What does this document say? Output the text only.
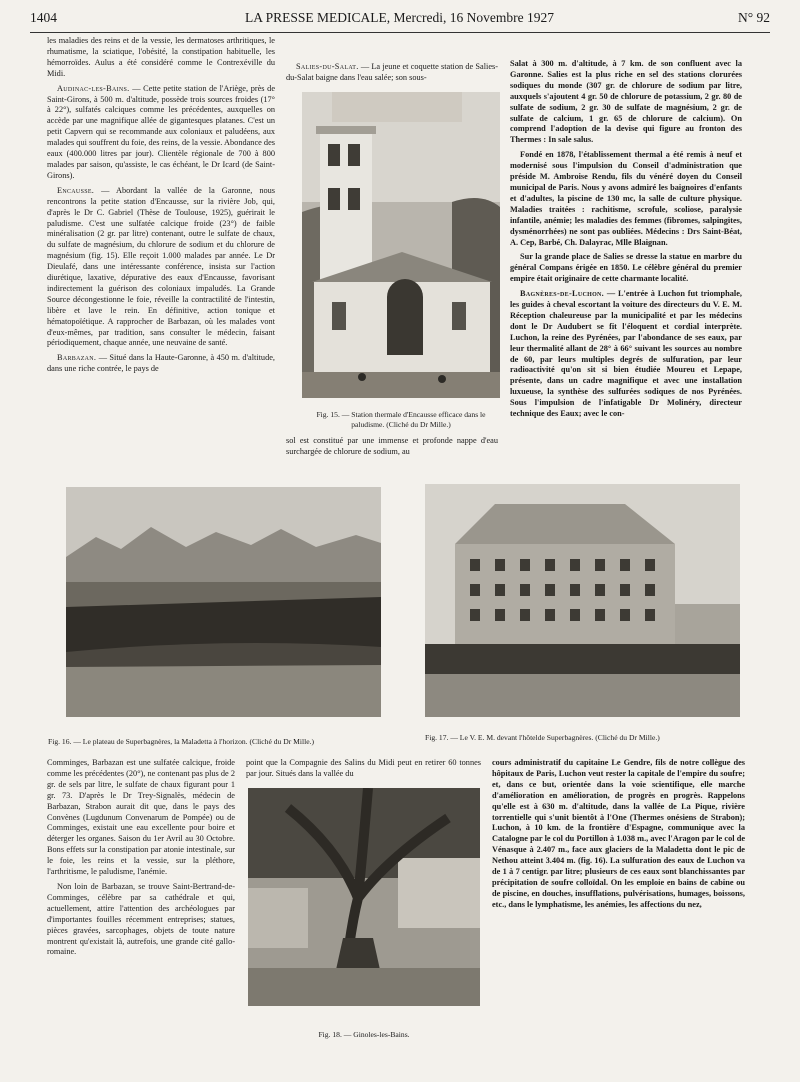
1404	LA PRESSE MEDICALE, Mercredi, 16 Novembre 1927	N° 92

les maladies des reins et de la vessie, les dermatoses arthritiques, le rhumatisme, la sciatique, l'obésité, la constipation habituelle, les hémorroïdes. Aulus a été considéré comme le Contrexéville du Midi.

Audinac-les-Bains. — Cette petite station de l'Ariège, près de Saint-Girons, à 500 m. d'altitude, possède trois sources froides (17° à 22°), sulfatés calciques comme les précédentes, auxquelles on accède par une magnifique allée de gigantesques platanes. C'est un petit Capvern qui se recommande aux coloniaux et paludéens, aux malades qui souffrent du foie, des reins, de la vessie. Abondance des eaux (400.000 litres par jour). Clientèle régionale de 700 à 800 malades par saison, qu'assiste, le cas échéant, le Dr Icard (de Saint-Girons).

Encausse. — Abordant la vallée de la Garonne, nous rencontrons la petite station d'Encausse, sur la rivière Job, qui, d'après le Dr C. Gabriel (Thèse de Toulouse, 1925), guérirait le paludisme. C'est une sulfatée calcique froide (23°) de faible minéralisation (2 gr. par litre) contenant, outre le sulfate de chaux, du sulfate de magnésium, du chlorure de sodium et du chlorure de magnésium (fig. 15). Elle reçoit 1.000 malades par année. Le Dr Dieulafé, dans une intéressante conférence, insista sur l'action diurétique, laxative, dépurative des eaux d'Encausse, favorisant indirectement la guérison des coloniaux impaludés. La Grande Source décongestionne le foie, réveille la contractilité de l'intestin, libère et lave le rein. En définitive, action tonique et hématopoïétique. A rapprocher de Barbazan, où les malades vont d'eux-mêmes, par tradition, sans consulter le médecin, faisant périodiquement, chaque année, une neuvaine de santé.

Barbazan. — Situé dans la Haute-Garonne, à 450 m. d'altitude, dans une riche contrée, le pays de

Salies-du-Salat. — La jeune et coquette station de Salies-du-Salat baigne dans l'eau salée; son sous-

Fig. 15. — Station thermale d'Encausse efficace dans le paludisme. (Cliché du Dr Mille.)

sol est constitué par une immense et profonde nappe d'eau surchargée de chlorure de sodium, au

Salat à 300 m. d'altitude, à 7 km. de son confluent avec la Garonne. Salies est la plus riche en sel des stations clorurées sodiques du monde (307 gr. de chlorure de sodium par litre, auxquels s'ajoutent 4 gr. 50 de chlorure de potassium, 2 gr. 80 de sulfate de sodium, 2 gr. 30 de sulfate de magnésium, 2 gr. de sulfate de calcium, 1 gr. 65 de chlorure de calcium). On comprend l'adoption de la devise qui figure au fronton des Thermes : In sale salus.

Fondé en 1878, l'établissement thermal a été remis à neuf et modernisé sous l'impulsion du Conseil d'administration que préside M. Ambroise Rendu, fils du vénéré doyen du Conseil municipal de Paris. Nous y avons admiré les baignoires d'enfants et d'adultes, la piscine de 130 mc, la salle de culture physique. Maladies traitées : rachitisme, scrofule, scoliose, paralysie infantile, anémie; les maladies des femmes (fibromes, salpingites, dysménorrhées) ne sont pas oubliées. Médecins : Drs Saint-Béat, A. Cep, Barbé, Ch. Dalayrac, Mlle Blaignan.

Sur la grande place de Salies se dresse la statue en marbre du général Compans érigée en 1850. Le célèbre général du premier empire était originaire de cette charmante localité.

Bagnères-de-Luchon. — L'entrée à Luchon fut triomphale, les guides à cheval escortant la voiture des directeurs du V. E. M. Réception chaleureuse par la municipalité et par les médecins dont le Dr Audubert se fit l'éloquent et cordial interprète. Luchon, la reine des Pyrénées, par l'abondance de ses eaux, par leur thermalité allant de 28° à 66° suivant les sources au nombre de 60, par leurs multiples degrés de sulfuration, par leur radioactivité qu'on sit si bien étudiée Moureu et Lepape, présente, dans un cadre magnifique et avec une installation luxueuse, la synthèse des sulfurées sodiques de nos Pyrénées. Sous l'impulsion de l'infatigable Dr Molinéry, directeur technique des Eaux; avec le con-

Fig. 16. — Le plateau de Superbagnères, la Maladetta à l'horizon. (Cliché du Dr Mille.)	Fig. 17. — Le V. E. M. devant l'hôtelde Superbagnères. (Cliché du Dr Mille.)

Comminges, Barbazan est une sulfatée calcique, froide comme les précédentes (20°), ne contenant pas plus de 2 gr. de sels par litre, le sulfate de chaux figurant pour 1 gr. 73. D'après le Dr Trey-Signalès, médecin de Barbazan, Strabon aurait dit que, dans le pays des Convènes (Lugdunum Convenarum de Pompée) ou de Comminges, existait une eau excellente pour boire et déterger les organes. Saison du 1er Avril au 30 Octobre. Bons effets sur la constipation par atonie intestinale, sur le foie, les reins et la vessie, sur la pléthore, l'arthritisme, le paludisme, l'anémie.

Non loin de Barbazan, se trouve Saint-Bertrand-de-Comminges, célèbre par sa cathédrale et qui, actuellement, attire l'attention des archéologues par d'importantes fouilles récemment entreprises; statues, pièces gravées, sarcophages, objets de toute nature montrent qu'existait là, autrefois, une grande cité gallo-romaine.

point que la Compagnie des Salins du Midi peut en retirer 60 tonnes par jour. Situés dans la vallée du

Fig. 18. — Ginoles-les-Bains.

cours administratif du capitaine Le Gendre, fils de notre collègue des hôpitaux de Paris, Luchon veut rester la capitale de l'empire du soufre; et, dans ce but, orientée dans la voie scientifique, elle marche d'amélioration en amélioration, de progrès en progrès. Rappelons qu'elle est à 630 m. d'altitude, dans la vallée de La Pique, rivière torrentielle qui s'unit bientôt à l'One (Thermes onésiens de Strabon); Luchon, à 10 km. de la frontière d'Espagne, communique avec la Catalogne par le col du Portillon à 1.038 m., avec l'Aragon par le col de Vénasque à 2.407 m., face aux glaciers de la Maladetta dont le pic de Nethou atteint 3.404 m. (fig. 16). La sulfuration des eaux de Luchon va de 1 à 7 centigr. par litre; plusieurs de ces eaux sont blanchissantes par précipitation de soufre colloïdal. On les emploie en bains de cabine ou de piscine, en douches, insufflations, pulvérisations, humages, boissons, etc., dans le lymphatisme, les anémies, les affections du nez,
